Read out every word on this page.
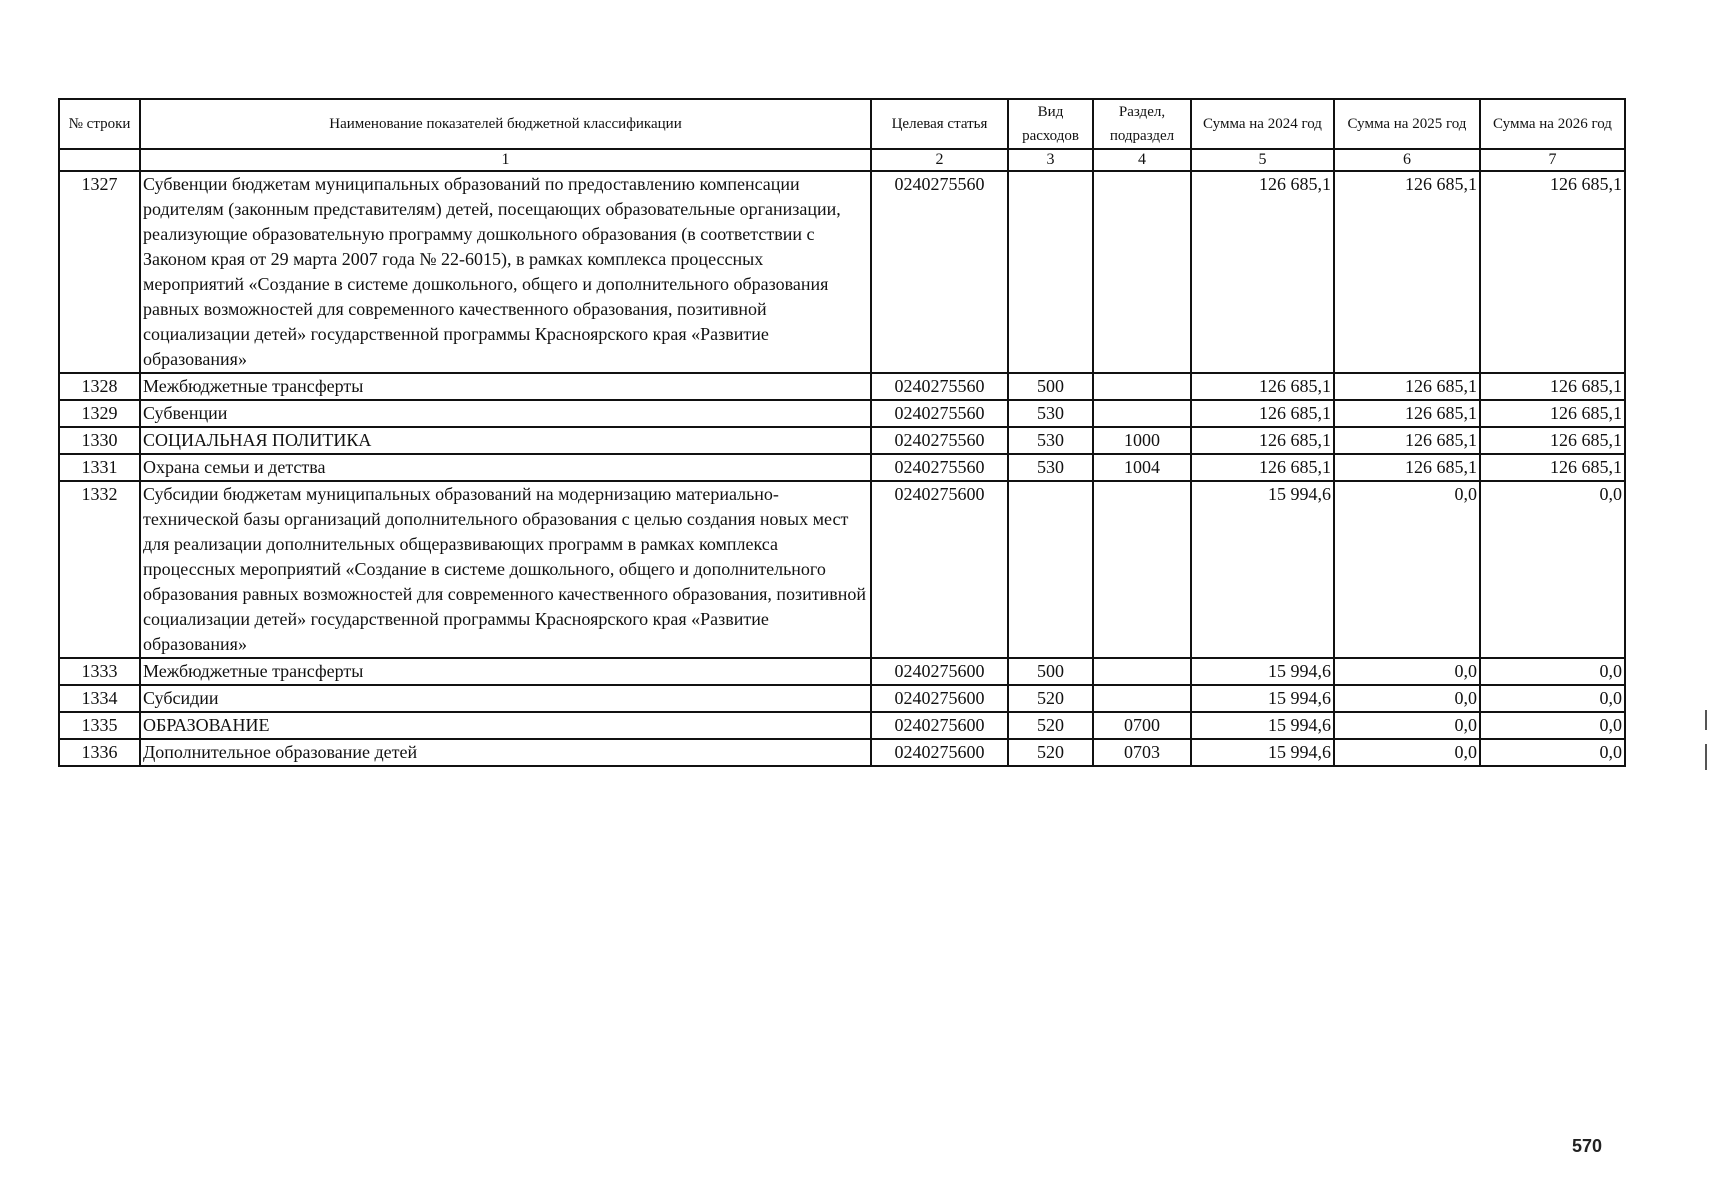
№ строки	Наименование показателей бюджетной классификации	Целевая статья	Вид расходов	Раздел, подраздел	Сумма на 2024 год	Сумма на 2025 год	Сумма на 2026 год
	1	2	3	4	5	6	7
1327	Субвенции бюджетам муниципальных образований по предоставлению компенсации родителям (законным представителям) детей, посещающих образовательные организации, реализующие образовательную программу дошкольного образования (в соответствии с Законом края от 29 марта 2007 года № 22-6015), в рамках комплекса процессных мероприятий «Создание в системе дошкольного, общего и дополнительного образования равных возможностей для современного качественного образования, позитивной социализации детей» государственной программы Красноярского края «Развитие образования»	0240275560			126 685,1	126 685,1	126 685,1
1328	Межбюджетные трансферты	0240275560	500		126 685,1	126 685,1	126 685,1
1329	Субвенции	0240275560	530		126 685,1	126 685,1	126 685,1
1330	СОЦИАЛЬНАЯ ПОЛИТИКА	0240275560	530	1000	126 685,1	126 685,1	126 685,1
1331	Охрана семьи и детства	0240275560	530	1004	126 685,1	126 685,1	126 685,1
1332	Субсидии бюджетам муниципальных образований на модернизацию материально-технической базы организаций дополнительного образования с целью создания новых мест для реализации дополнительных общеразвивающих программ в рамках комплекса процессных мероприятий «Создание в системе дошкольного, общего и дополнительного образования равных возможностей для современного качественного образования, позитивной социализации детей» государственной программы Красноярского края «Развитие образования»	0240275600			15 994,6	0,0	0,0
1333	Межбюджетные трансферты	0240275600	500		15 994,6	0,0	0,0
1334	Субсидии	0240275600	520		15 994,6	0,0	0,0
1335	ОБРАЗОВАНИЕ	0240275600	520	0700	15 994,6	0,0	0,0
1336	Дополнительное образование детей	0240275600	520	0703	15 994,6	0,0	0,0
570
